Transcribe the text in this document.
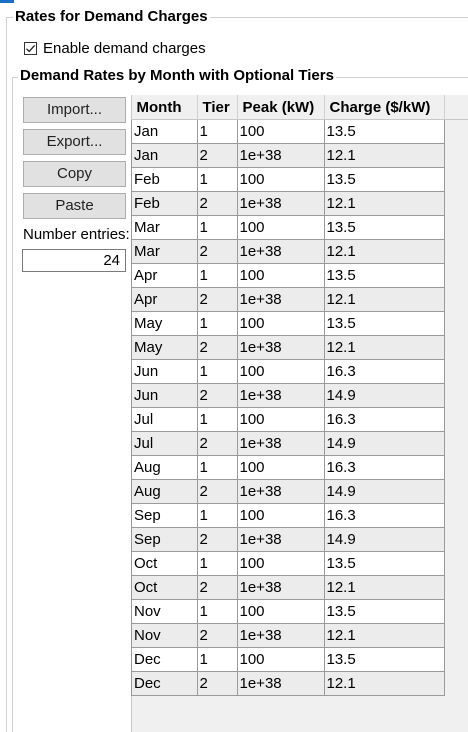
Rates for Demand Charges
Enable demand charges
Demand Rates by Month with Optional Tiers
Import...
Export...
Copy
Paste
Number entries:
24
Month	Tier	Peak (kW)	Charge ($/kW)
Jan	1	100	13.5
Jan	2	1e+38	12.1
Feb	1	100	13.5
Feb	2	1e+38	12.1
Mar	1	100	13.5
Mar	2	1e+38	12.1
Apr	1	100	13.5
Apr	2	1e+38	12.1
May	1	100	13.5
May	2	1e+38	12.1
Jun	1	100	16.3
Jun	2	1e+38	14.9
Jul	1	100	16.3
Jul	2	1e+38	14.9
Aug	1	100	16.3
Aug	2	1e+38	14.9
Sep	1	100	16.3
Sep	2	1e+38	14.9
Oct	1	100	13.5
Oct	2	1e+38	12.1
Nov	1	100	13.5
Nov	2	1e+38	12.1
Dec	1	100	13.5
Dec	2	1e+38	12.1
